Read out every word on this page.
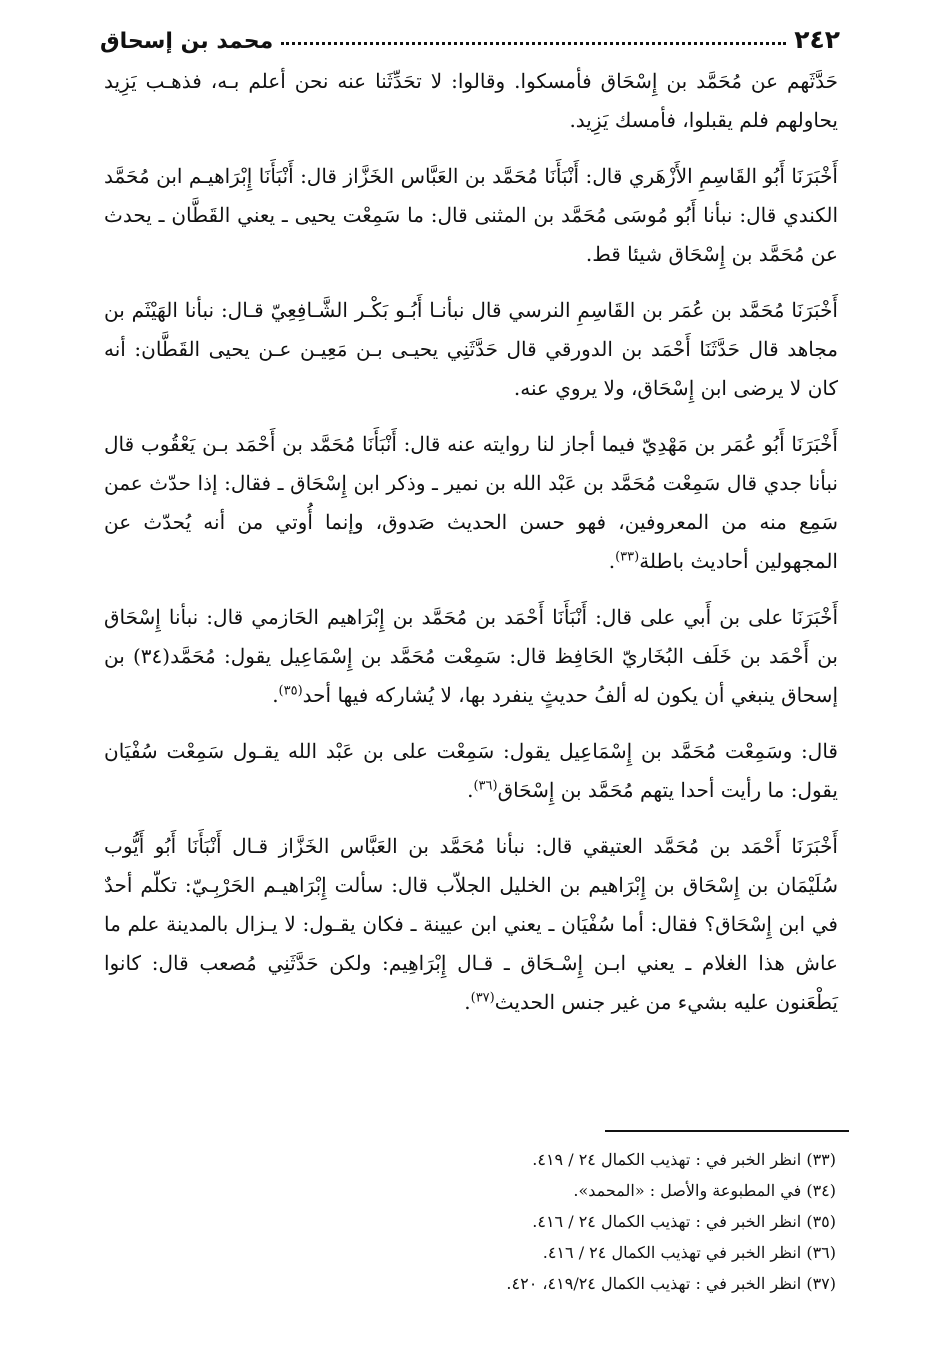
٢٤٢
محمد بن إسحاق

حَدَّثَهم عن مُحَمَّد بن إِسْحَاق فأمسكوا. وقالوا: لا تحَدِّثَنا عنه نحن أعلم بـه، فذهـب يَزِيد يحاولهم فلم يقبلوا، فأمسك يَزِيد.

أَخْبَرَنَا أَبُو القَاسِمِ الأَزْهَري قال: أَنْبَأَنَا مُحَمَّد بن العَبَّاس الخَزَّاز قال: أَنْبَأَنَا إِبْرَاهيـم ابن مُحَمَّد الكندي قال: نبأنا أَبُو مُوسَى مُحَمَّد بن المثنى قال: ما سَمِعْت يحيى ـ يعني القَطَّان ـ يحدث عن مُحَمَّد بن إِسْحَاق شيئا قط.

أَخْبَرَنَا مُحَمَّد بن عُمَر بن القَاسِمِ النرسي قال نبأنـا أَبُـو بَكْـر الشَّـافِعِيّ قـال: نبأنا الهَيْثَم بن مجاهد قال حَدَّثَنَا أَحْمَد بن الدورقي قال حَدَّثَنِي يحيـى بـن مَعِيـن عـن يحيى القَطَّان: أنه كان لا يرضى ابن إِسْحَاق، ولا يروي عنه.

أَخْبَرَنَا أَبُو عُمَر بن مَهْدِيّ فيما أجاز لنا روايته عنه قال: أَنْبَأَنَا مُحَمَّد بن أَحْمَد بـن يَعْقُوب قال نبأنا جدي قال سَمِعْت مُحَمَّد بن عَبْد الله بن نمير ـ وذكر ابن إِسْحَاق ـ فقال: إذا حدّث عمن سَمِع منه من المعروفين، فهو حسن الحديث صَدوق، وإنما أُوتي من أنه يُحدّث عن المجهولين أحاديث باطلة$^{(٣٣)}$.

أَخْبَرَنَا على بن أَبي على قال: أَنْبَأَنَا أَحْمَد بن مُحَمَّد بن إِبْرَاهيم الحَازمي قال: نبأنا إِسْحَاق بن أَحْمَد بن خَلَف البُخَاريّ الحَافِظ قال: سَمِعْت مُحَمَّد بن إِسْمَاعِيل يقول: مُحَمَّد(٣٤) بن إسحاق ينبغي أن يكون له ألفُ حديثٍ ينفرد بها، لا يُشاركه فيها أحد$^{(٣٥)}$.

قال: وسَمِعْت مُحَمَّد بن إِسْمَاعِيل يقول: سَمِعْت على بن عَبْد الله يقـول سَمِعْت سُفْيَان يقول: ما رأيت أحدا يتهم مُحَمَّد بن إِسْحَاق$^{(٣٦)}$.

أَخْبَرَنَا أَحْمَد بن مُحَمَّد العتيقي قال: نبأنا مُحَمَّد بن العَبَّاس الخَزَّاز قـال أَنْبَأَنَا أَبُو أَيُّوب سُلَيْمَان بن إِسْحَاق بن إِبْرَاهيم بن الخليل الجلاّب قال: سألت إِبْرَاهيـم الحَرْبِـيّ: تكلّم أحدٌ في ابن إِسْحَاق؟ فقال: أما سُفْيَان ـ يعني ابن عيينة ـ فكان يقـول: لا يـزال بالمدينة علم ما عاش هذا الغلام ـ يعني ابـن إِسْـحَاق ـ قـال إِبْرَاهِيم: ولكن حَدَّثَنِي مُصعب قال: كانوا يَطْعَنون عليه بشيء من غير جنس الحديث$^{(٣٧)}$.

(٣٣) انظر الخبر في : تهذيب الكمال ٢٤ / ٤١٩.

(٣٤) في المطبوعة والأصل : «المحمد».

(٣٥) انظر الخبر في : تهذيب الكمال ٢٤ / ٤١٦.

(٣٦) انظر الخبر في تهذيب الكمال ٢٤ / ٤١٦.

(٣٧) انظر الخبر في : تهذيب الكمال ٤١٩/٢٤، ٤٢٠.
